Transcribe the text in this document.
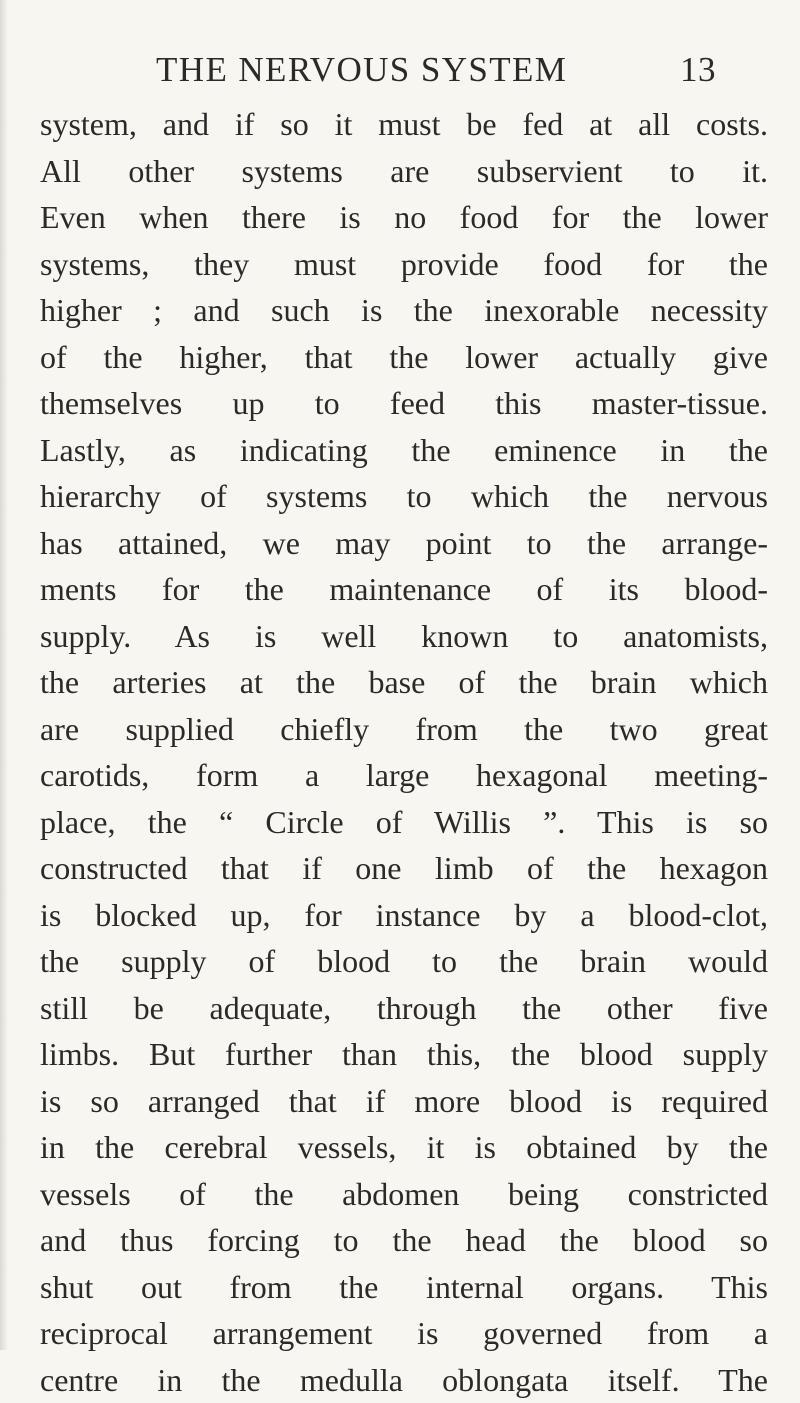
THE NERVOUS SYSTEM	13
system, and if so it must be fed at all costs.
All other systems are subservient to it.
Even when there is no food for the lower
systems, they must provide food for the
higher ; and such is the inexorable necessity
of the higher, that the lower actually give
themselves up to feed this master-tissue.
Lastly, as indicating the eminence in the
hierarchy of systems to which the nervous
has attained, we may point to the arrange-
ments for the maintenance of its blood-
supply. As is well known to anatomists,
the arteries at the base of the brain which
are supplied chiefly from the two great
carotids, form a large hexagonal meeting-
place, the “ Circle of Willis ”. This is so
constructed that if one limb of the hexagon
is blocked up, for instance by a blood-clot,
the supply of blood to the brain would
still be adequate, through the other five
limbs. But further than this, the blood supply
is so arranged that if more blood is required
in the cerebral vessels, it is obtained by the
vessels of the abdomen being constricted
and thus forcing to the head the blood so
shut out from the internal organs. This
reciprocal arrangement is governed from a
centre in the medulla oblongata itself. The
